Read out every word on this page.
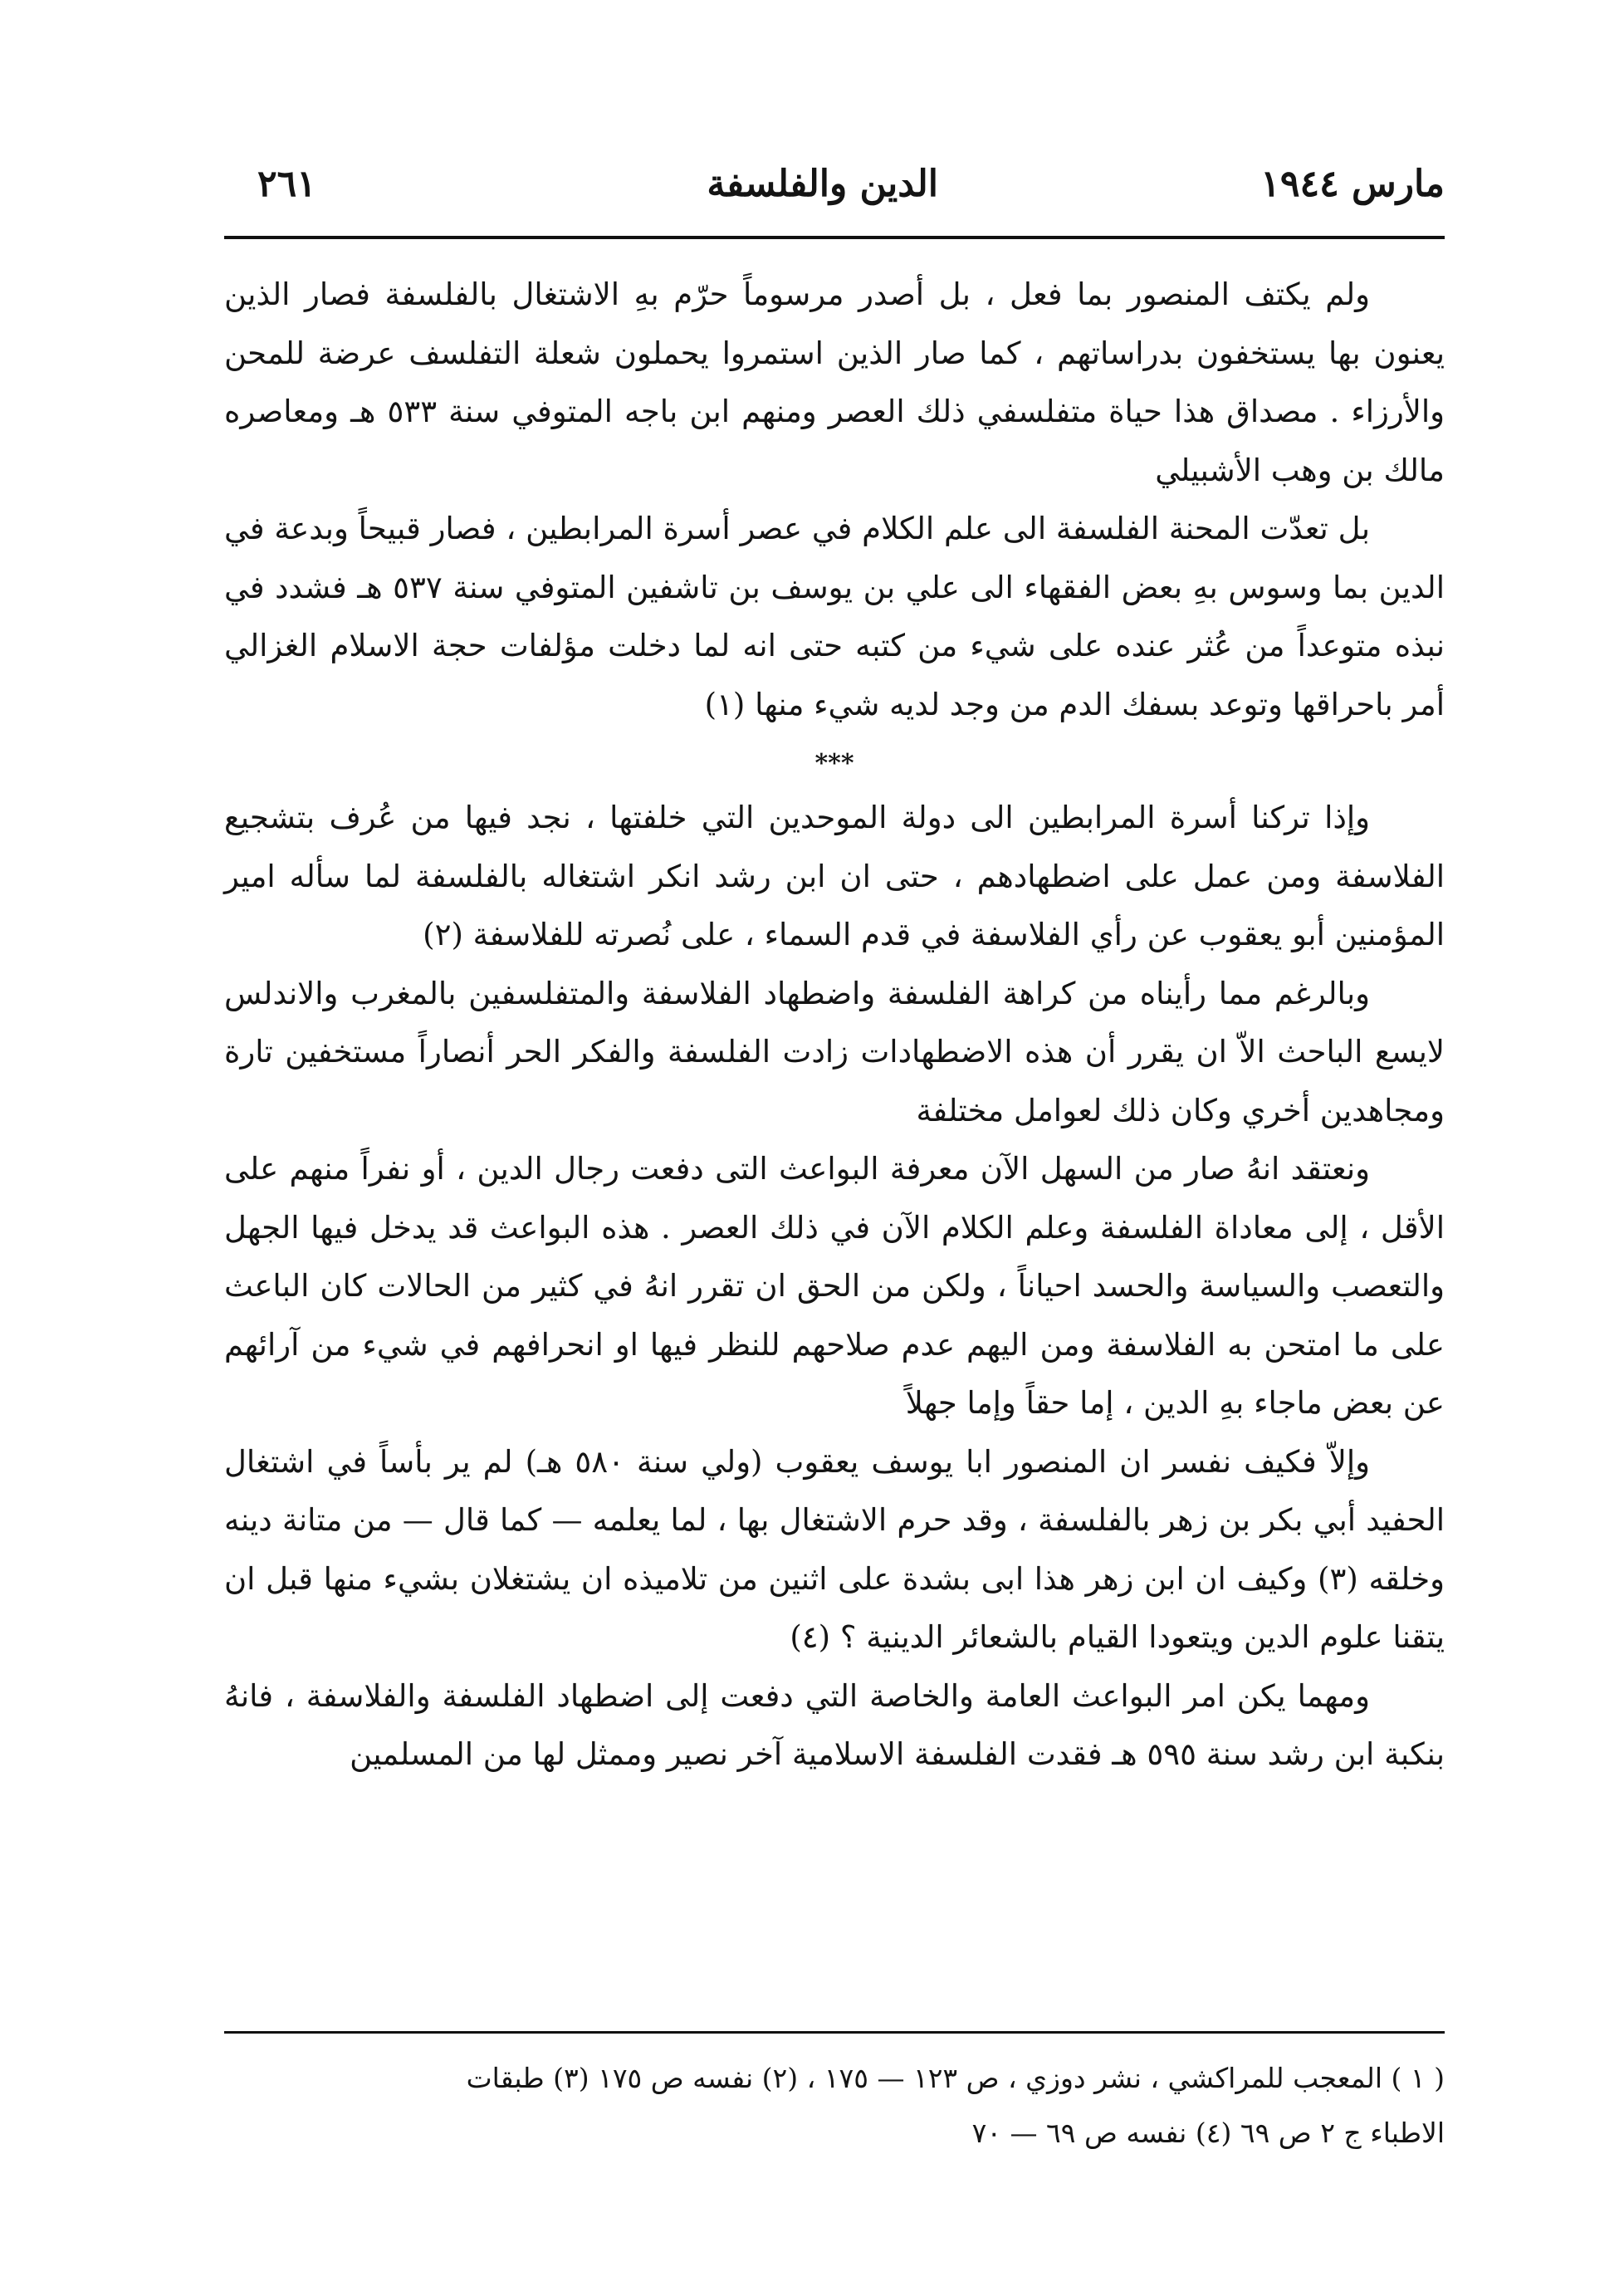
مارس ١٩٤٤
الدين والفلسفة
٢٦١

ولم يكتف المنصور بما فعل ، بل أصدر مرسوماً حرّم بهِ الاشتغال بالفلسفة فصار الذين يعنون بها يستخفون بدراساتهم ، كما صار الذين استمروا يحملون شعلة التفلسف عرضة للمحن والأرزاء . مصداق هذا حياة متفلسفي ذلك العصر ومنهم ابن باجه المتوفي سنة ٥٣٣ هـ ومعاصره مالك بن وهب الأشبيلي

بل تعدّت المحنة الفلسفة الى علم الكلام في عصر أسرة المرابطين ، فصار قبيحاً وبدعة في الدين بما وسوس بهِ بعض الفقهاء الى علي بن يوسف بن تاشفين المتوفي سنة ٥٣٧ هـ فشدد في نبذه متوعداً من عُثر عنده على شيء من كتبه حتى انه لما دخلت مؤلفات حجة الاسلام الغزالي أمر باحراقها وتوعد بسفك الدم من وجد لديه شيء منها (١)

***

وإذا تركنا أسرة المرابطين الى دولة الموحدين التي خلفتها ، نجد فيها من عُرف بتشجيع الفلاسفة ومن عمل على اضطهادهم ، حتى ان ابن رشد انكر اشتغاله بالفلسفة لما سأله امير المؤمنين أبو يعقوب عن رأي الفلاسفة في قدم السماء ، على نُصرته للفلاسفة (٢)

وبالرغم مما رأيناه من كراهة الفلسفة واضطهاد الفلاسفة والمتفلسفين بالمغرب والاندلس لايسع الباحث الاّ ان يقرر أن هذه الاضطهادات زادت الفلسفة والفكر الحر أنصاراً مستخفين تارة ومجاهدين أخري وكان ذلك لعوامل مختلفة

ونعتقد انهُ صار من السهل الآن معرفة البواعث التى دفعت رجال الدين ، أو نفراً منهم على الأقل ، إلى معاداة الفلسفة وعلم الكلام الآن في ذلك العصر . هذه البواعث قد يدخل فيها الجهل والتعصب والسياسة والحسد احياناً ، ولكن من الحق ان تقرر انهُ في كثير من الحالات كان الباعث على ما امتحن به الفلاسفة ومن اليهم عدم صلاحهم للنظر فيها او انحرافهم في شيء من آرائهم عن بعض ماجاء بهِ الدين ، إما حقاً وإما جهلاً

وإلاّ فكيف نفسر ان المنصور ابا يوسف يعقوب (ولي سنة ٥٨٠ هـ) لم ير بأساً في اشتغال الحفيد أبي بكر بن زهر بالفلسفة ، وقد حرم الاشتغال بها ، لما يعلمه — كما قال — من متانة دينه وخلقه (٣) وكيف ان ابن زهر هذا ابى بشدة على اثنين من تلاميذه ان يشتغلان بشيء منها قبل ان يتقنا علوم الدين ويتعودا القيام بالشعائر الدينية ؟ (٤)

ومهما يكن امر البواعث العامة والخاصة التي دفعت إلى اضطهاد الفلسفة والفلاسفة ، فانهُ بنكبة ابن رشد سنة ٥٩٥ هـ فقدت الفلسفة الاسلامية آخر نصير وممثل لها من المسلمين

( ١ ) المعجب للمراكشي ، نشر دوزي ، ص ١٢٣ — ١٧٥ ، (٢) نفسه ص ١٧٥ (٣) طبقات

الاطباء ج ٢ ص ٦٩ (٤) نفسه ص ٦٩ — ٧٠
